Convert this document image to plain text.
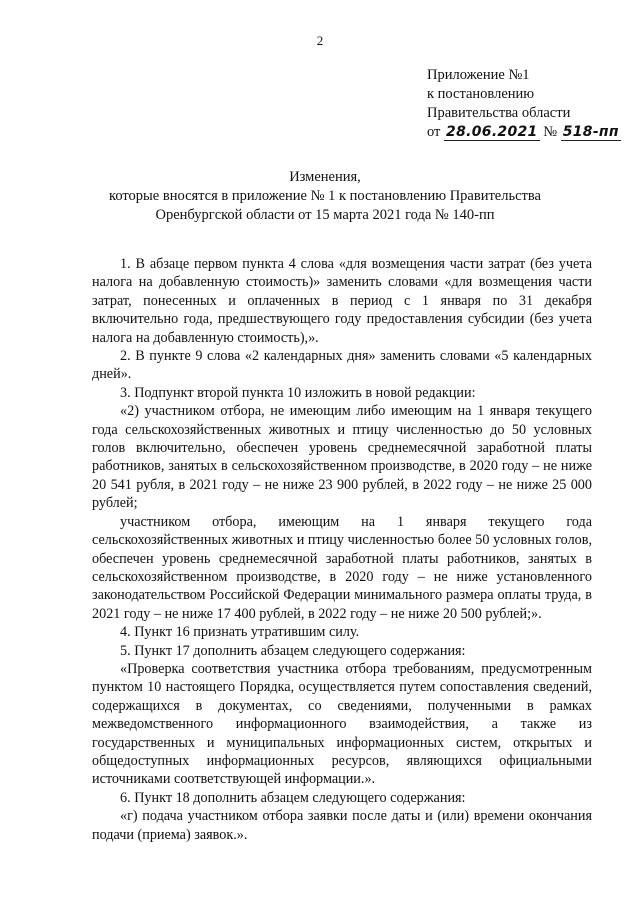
2
Приложение №1
к постановлению
Правительства области
от 28.06.2021 № 518-пп
Изменения,
которые вносятся в приложение № 1 к постановлению Правительства
Оренбургской области от 15 марта 2021 года № 140-пп

1. В абзаце первом пункта 4 слова «для возмещения части затрат (без учета налога на добавленную стоимость)» заменить словами «для возмещения части затрат, понесенных и оплаченных в период с 1 января по 31 декабря включительно года, предшествующего году предоставления субсидии (без учета налога на добавленную стоимость),».

2. В пункте 9 слова «2 календарных дня» заменить словами «5 календарных дней».

3. Подпункт второй пункта 10 изложить в новой редакции:

«2) участником отбора, не имеющим либо имеющим на 1 января текущего года сельскохозяйственных животных и птицу численностью до 50 условных голов включительно, обеспечен уровень среднемесячной заработной платы работников, занятых в сельскохозяйственном производстве, в 2020 году – не ниже 20 541 рубля, в 2021 году – не ниже 23 900 рублей, в 2022 году – не ниже 25 000 рублей;

участником отбора, имеющим на 1 января текущего года сельскохозяйственных животных и птицу численностью более 50 условных голов, обеспечен уровень среднемесячной заработной платы работников, занятых в сельскохозяйственном производстве, в 2020 году – не ниже установленного законодательством Российской Федерации минимального размера оплаты труда, в 2021 году – не ниже 17 400 рублей, в 2022 году – не ниже 20 500 рублей;».

4. Пункт 16 признать утратившим силу.

5. Пункт 17 дополнить абзацем следующего содержания:

«Проверка соответствия участника отбора требованиям, предусмотренным пунктом 10 настоящего Порядка, осуществляется путем сопоставления сведений, содержащихся в документах, со сведениями, полученными в рамках межведомственного информационного взаимодействия, а также из государственных и муниципальных информационных систем, открытых и общедоступных информационных ресурсов, являющихся официальными источниками соответствующей информации.».

6. Пункт 18 дополнить абзацем следующего содержания:

«г) подача участником отбора заявки после даты и (или) времени окончания подачи (приема) заявок.».
